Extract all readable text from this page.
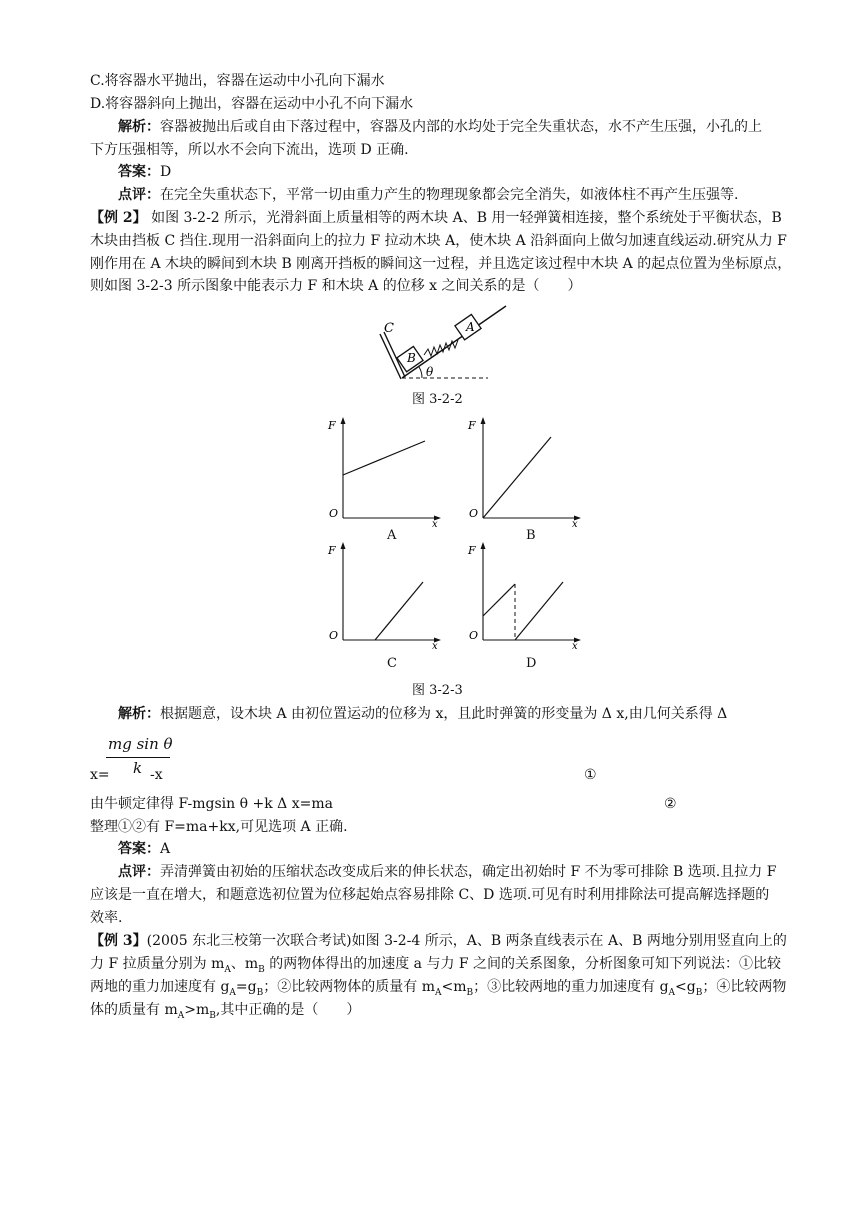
C.将容器水平抛出，容器在运动中小孔向下漏水
D.将容器斜向上抛出，容器在运动中小孔不向下漏水
解析：容器被抛出后或自由下落过程中，容器及内部的水均处于完全失重状态，水不产生压强，小孔的上
下方压强相等，所以水不会向下流出，选项 D 正确.
答案：D
点评：在完全失重状态下，平常一切由重力产生的物理现象都会完全消失，如液体柱不再产生压强等.
【例 2】 如图 3-2-2 所示，光滑斜面上质量相等的两木块 A、B 用一轻弹簧相连接，整个系统处于平衡状态，B
木块由挡板 C 挡住.现用一沿斜面向上的拉力 F 拉动木块 A，使木块 A 沿斜面向上做匀加速直线运动.研究从力 F
刚作用在 A 木块的瞬间到木块 B 刚离开挡板的瞬间这一过程，并且选定该过程中木块 A 的起点位置为坐标原点，
则如图 3-2-3 所示图象中能表示力 F 和木块 A 的位移 x 之间关系的是（　　）
C
B
A
θ
图 3-2-2
F
O
x
A
F
O
x
B
F
O
x
C
F
O
x
D
图 3-2-3
解析：根据题意，设木块 A 由初位置运动的位移为 x，且此时弹簧的形变量为 Δ x,由几何关系得 Δ
mg sin θ
k
x=	-x	①
由牛顿定律得 F-mgsin θ +k Δ x=ma	②
整理①②有 F=ma+kx,可见选项 A 正确.
答案：A
点评：弄清弹簧由初始的压缩状态改变成后来的伸长状态，确定出初始时 F 不为零可排除 B 选项.且拉力 F
应该是一直在增大，和题意选初位置为位移起始点容易排除 C、D 选项.可见有时利用排除法可提高解选择题的
效率.
【例 3】(2005 东北三校第一次联合考试)如图 3-2-4 所示，A、B 两条直线表示在 A、B 两地分别用竖直向上的
力 F 拉质量分别为 $m_A$、$m_B$ 的两物体得出的加速度 a 与力 F 之间的关系图象，分析图象可知下列说法：①比较
两地的重力加速度有 $g_A=g_B$；②比较两物体的质量有 $m_A<m_B$；③比较两地的重力加速度有 $g_A<g_B$；④比较两物
体的质量有 $m_A>m_B$,其中正确的是（　　）
